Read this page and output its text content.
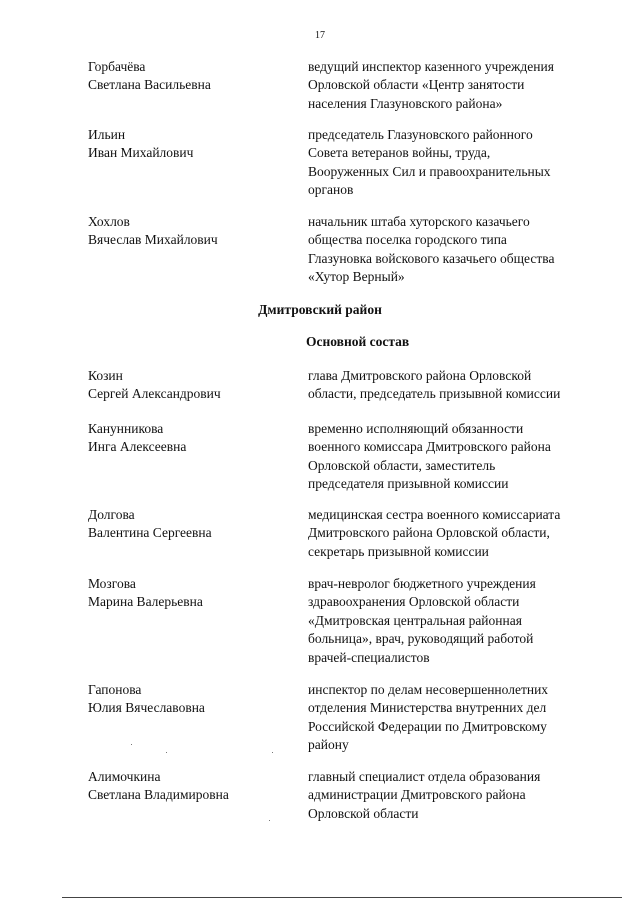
17
Горбачёва
Светлана Васильевна
ведущий инспектор казенного учреждения
Орловской области «Центр занятости
населения Глазуновского района»
Ильин
Иван Михайлович
председатель Глазуновского районного
Совета ветеранов войны, труда,
Вооруженных Сил и правоохранительных
органов
Хохлов
Вячеслав Михайлович
начальник штаба хуторского казачьего
общества поселка городского типа
Глазуновка войскового казачьего общества
«Хутор Верный»
Дмитровский район
Основной состав
Козин
Сергей Александрович
глава Дмитровского района Орловской
области, председатель призывной комиссии
Канунникова
Инга Алексеевна
временно исполняющий обязанности
военного комиссара Дмитровского района
Орловской области, заместитель
председателя призывной комиссии
Долгова
Валентина Сергеевна
медицинская сестра военного комиссариата
Дмитровского района Орловской области,
секретарь призывной комиссии
Мозгова
Марина Валерьевна
врач-невролог бюджетного учреждения
здравоохранения Орловской области
«Дмитровская центральная районная
больница», врач, руководящий работой
врачей-специалистов
Гапонова
Юлия Вячеславовна
инспектор по делам несовершеннолетних
отделения Министерства внутренних дел
Российской Федерации по Дмитровскому
району
Алимочкина
Светлана Владимировна
главный специалист отдела образования
администрации Дмитровского района
Орловской области
